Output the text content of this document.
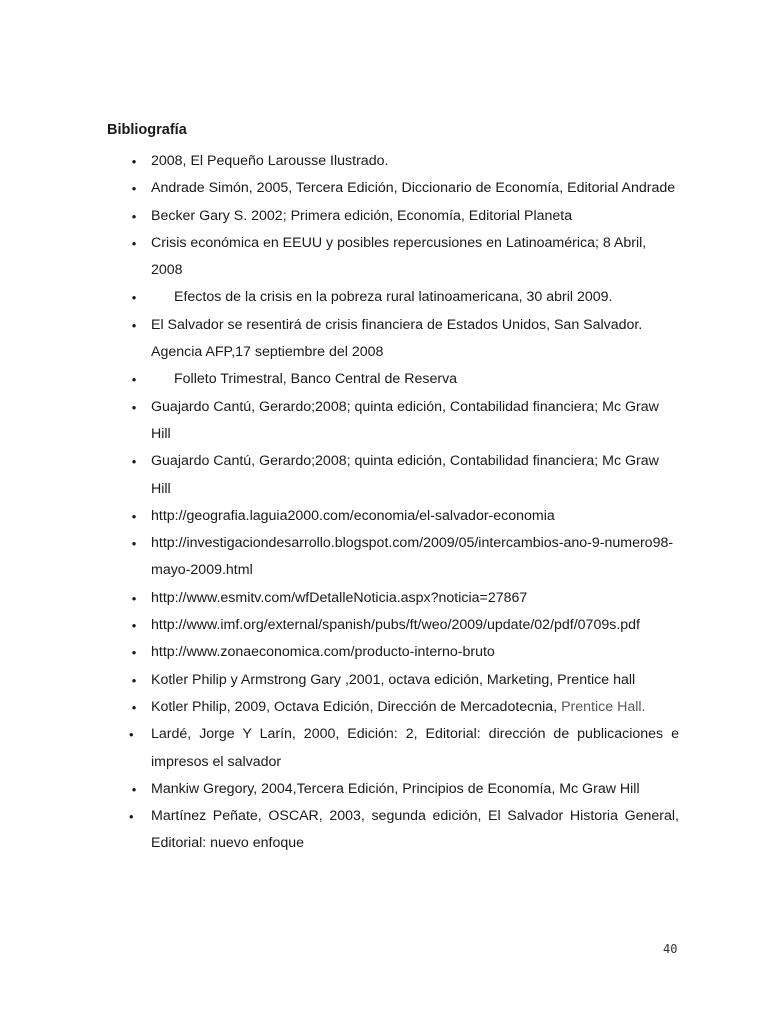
Bibliografía
• 2008, El Pequeño Larousse Ilustrado.
• Andrade Simón, 2005, Tercera Edición, Diccionario de Economía, Editorial Andrade
• Becker Gary S. 2002; Primera edición, Economía, Editorial Planeta
• Crisis económica en EEUU y posibles repercusiones en Latinoamérica; 8 Abril, 2008
•	Efectos de la crisis en la pobreza rural latinoamericana, 30 abril 2009.
• El Salvador se resentirá de crisis financiera de Estados Unidos, San Salvador. Agencia AFP,17 septiembre del 2008
•	Folleto Trimestral, Banco Central de Reserva
• Guajardo Cantú, Gerardo;2008; quinta edición, Contabilidad financiera; Mc Graw Hill
• Guajardo Cantú, Gerardo;2008; quinta edición, Contabilidad financiera; Mc Graw Hill
• http://geografia.laguia2000.com/economia/el-salvador-economia
• http://investigaciondesarrollo.blogspot.com/2009/05/intercambios-ano-9-numero98-mayo-2009.html
• http://www.esmitv.com/wfDetalleNoticia.aspx?noticia=27867
• http://www.imf.org/external/spanish/pubs/ft/weo/2009/update/02/pdf/0709s.pdf
• http://www.zonaeconomica.com/producto-interno-bruto
• Kotler Philip y Armstrong Gary ,2001, octava edición, Marketing, Prentice hall
• Kotler Philip, 2009, Octava Edición, Dirección de Mercadotecnia, Prentice Hall.
•	Lardé, Jorge Y Larín, 2000, Edición: 2, Editorial: dirección de publicaciones e impresos el salvador
• Mankiw Gregory, 2004,Tercera Edición, Principios de Economía, Mc Graw Hill
•	Martínez Peñate, OSCAR, 2003, segunda edición, El Salvador Historia General, Editorial: nuevo enfoque
40
